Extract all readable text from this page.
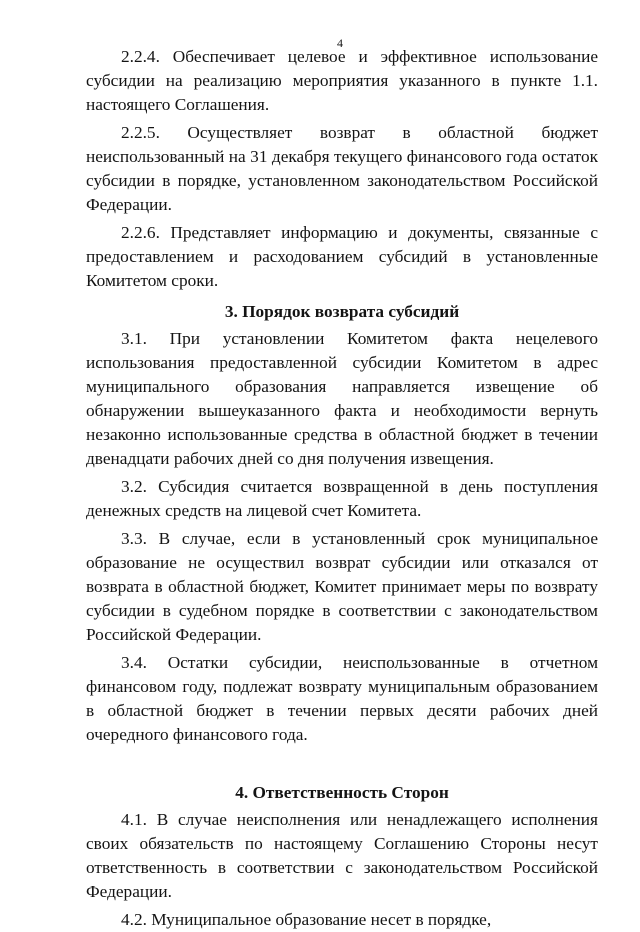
4

2.2.4. Обеспечивает целевое и эффективное использование субсидии на реализацию мероприятия указанного в пункте 1.1. настоящего Соглашения.

2.2.5. Осуществляет возврат в областной бюджет неиспользованный на 31 декабря текущего финансового года остаток субсидии в порядке, установленном законодательством Российской Федерации.

2.2.6. Представляет информацию и документы, связанные с предоставлением и расходованием субсидий в установленные Комитетом сроки.

3. Порядок возврата субсидий

3.1. При установлении Комитетом факта нецелевого использования предоставленной субсидии Комитетом в адрес муниципального образования направляется извещение об обнаружении вышеуказанного факта и необходимости вернуть незаконно использованные средства в областной бюджет в течении двенадцати рабочих дней со дня получения извещения.

3.2. Субсидия считается возвращенной в день поступления денежных средств на лицевой счет Комитета.

3.3. В случае, если в установленный срок муниципальное образование не осуществил возврат субсидии или отказался от возврата в областной бюджет, Комитет принимает меры по возврату субсидии в судебном порядке в соответствии с законодательством Российской Федерации.

3.4. Остатки субсидии, неиспользованные в отчетном финансовом году, подлежат возврату муниципальным образованием в областной бюджет в течении первых десяти рабочих дней очередного финансового года.

4. Ответственность Сторон

4.1. В случае неисполнения или ненадлежащего исполнения своих обязательств по настоящему Соглашению Стороны несут ответственность в соответствии с законодательством Российской Федерации.

4.2. Муниципальное образование несет в порядке,
